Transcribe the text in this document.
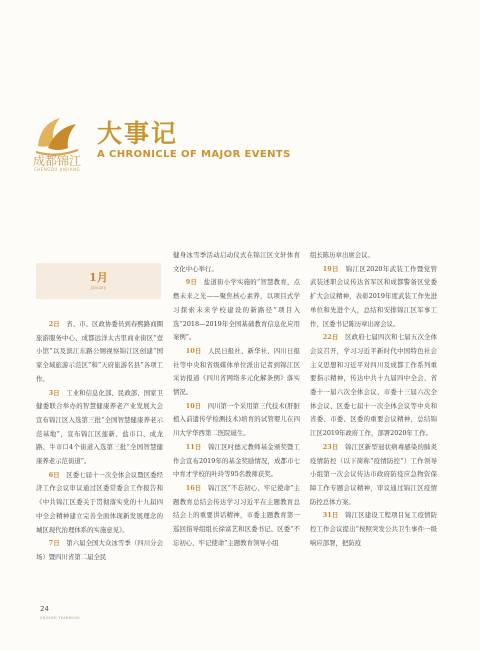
成都锦江
CHENGDU JINJIANG
大事记
A CHRONICLE OF MAJOR EVENTS
1月
January

2日　 省、市、区政协委员到春熙路商圈旅游服务中心、成都远洋太古里商业街区“壹小馆”以及滨江东路公厕视察锦江区创建“国家全域旅游示范区”和“天府旅游名县”各项工作。

3日　 工业和信息化部、民政部、国家卫健委联合举办的智慧健康养老产业发展大会宣布锦江区入选第三批“全国智慧健康养老示范基地”，宣布锦江区莲新、盐市口、成龙路、牛市口4个街道入选第三批“全国智慧健康养老示范街道”。

6日　 区委七届十一次全体会议暨区委经济工作会议审议通过区委常委会工作报告和《中共锦江区委关于贯彻落实党的十九届四中全会精神建立完善全面体现新发展理念的城区现代治理体系的实施意见》。

7日　 第六届全国大众冰雪季（四川分会场）暨四川省第二届全民

健身冰雪季活动启动仪式在锦江区文轩体育文化中心举行。

9日　 盐道街小学实施的“智慧教育，点燃未来之光——聚焦核心素养，以项目式学习探索未来学校建设的新路径”项目入选“2018—2019年全国基础教育信息化应用案例”。

10日　 人民日报社、新华社、四川日报社等中央和省级媒体单位派出记者到锦江区采访报道《四川省网络多元化解条例》落实情况。

10日　 四川第一个采用第三代技术(肝脏植入前遗传学检测技术)培育的试管婴儿在四川大学华西第二医院诞生。

11日　 锦江区吋德元教师基金颁奖暨工作会宣布2019年的基金奖励情况，成都市七中育才学校的叶玲等95名教师获奖。

16日　 锦江区“不忘初心、牢记使命”主题教育总结会传达学习习近平在主题教育总结会上的重要讲话精神，市委主题教育第一巡回指导组组长徐富艺和区委书记、区委“不忘初心、牢记使命”主题教育领导小组

组长陈历章出席会议。

19日　 锦江区2020年武装工作暨党管武装述职会议传达省军区和成都警备区党委扩大会议精神，表彰2019年度武装工作先进单位和先进个人，总结和安排锦江区军事工作，区委书记陈历章出席会议。

22日　 区政府七届四次和七届五次全体会议召开，学习习近平新时代中国特色社会主义思想和习近平对四川及成都工作系列重要指示精神，传达中共十九届四中全会、省委十一届六次全体会议、市委十三届六次全体会议、区委七届十一次全体会议等中央和省委、市委、区委的重要会议精神，总结锦江区2019年政府工作，部署2020年工作。

23日　 锦江区新型冠状病毒感染的肺炎疫情防控（以下简称“疫情防控”）工作领导小组第一次会议传达市政府防疫应急物资保障工作专题会议精神，审议通过锦江区疫情防控总体方案。

31日　 锦江区建设工程项目复工疫情防控工作会议提出“按照突发公共卫生事件一级响应部署，把防疫

24
JINJIANG YEARBOOK
